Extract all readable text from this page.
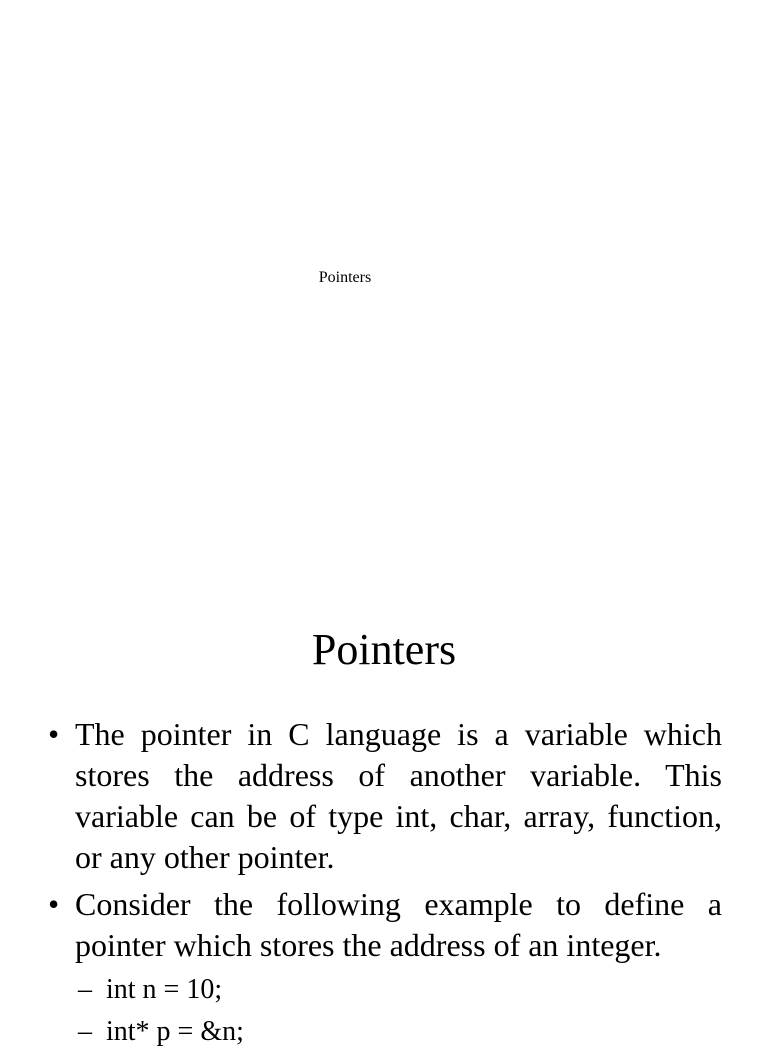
Pointers
Pointers
• The pointer in C language is a variable which stores the address of another variable. This variable can be of type int, char, array, function, or any other pointer.
• Consider the following example to define a pointer which stores the address of an integer.
– int n = 10;
– int* p = &n;
